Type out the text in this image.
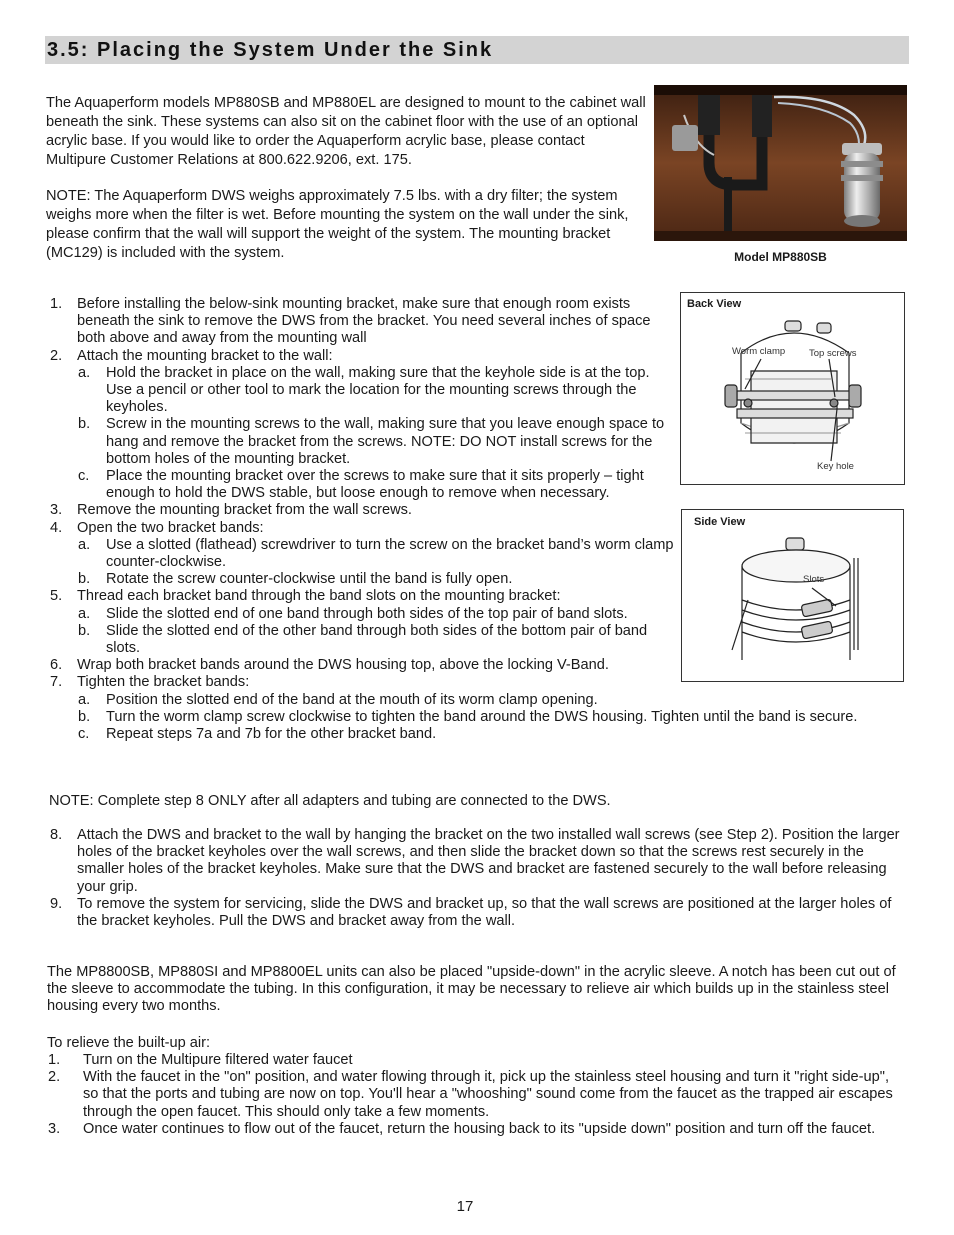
3.5: Placing the System Under the Sink

The Aquaperform models MP880SB and MP880EL are designed to mount to the cabinet wall beneath the sink. These systems can also sit on the cabinet floor with the use of an optional acrylic base. If you would like to order the Aquaperform acrylic base, please contact Multipure Customer Relations at 800.622.9206, ext. 175.

NOTE: The Aquaperform DWS weighs approximately 7.5 lbs. with a dry filter; the system weighs more when the filter is wet. Before mounting the system on the wall under the sink, please confirm that the wall will support the weight of the system. The mounting bracket (MC129) is included with the system.	Model MP880SB
Back View
Worm clamp	Top screws
Key hole
Side View
Slots
1.	Before installing the below-sink mounting bracket, make sure that enough room exists beneath the sink to remove the DWS from the bracket. You need several inches of space both above and away from the mounting wall
2.	Attach the mounting bracket to the wall:
a.	Hold the bracket in place on the wall, making sure that the keyhole side is at the top. Use a pencil or other tool to mark the location for the mounting screws through the keyholes.
b.	Screw in the mounting screws to the wall, making sure that you leave enough space to hang and remove the bracket from the screws. NOTE: DO NOT install screws for the bottom holes of the mounting bracket.
c.	Place the mounting bracket over the screws to make sure that it sits properly – tight enough to hold the DWS stable, but loose enough to remove when necessary.
3.	Remove the mounting bracket from the wall screws.
4.	Open the two bracket bands:
a.	Use a slotted (flathead) screwdriver to turn the screw on the bracket band’s worm clamp counter-clockwise.
b.	Rotate the screw counter-clockwise until the band is fully open.
5.	Thread each bracket band through the band slots on the mounting bracket:
a.	Slide the slotted end of one band through both sides of the top pair of band slots.
b.	Slide the slotted end of the other band through both sides of the bottom pair of band slots.
6.	Wrap both bracket bands around the DWS housing top, above the locking V-Band.
7.	Tighten the bracket bands:
a.	Position the slotted end of the band at the mouth of its worm clamp opening.
b.	Turn the worm clamp screw clockwise to tighten the band around the DWS housing. Tighten until the band is secure.
c.	Repeat steps 7a and 7b for the other bracket band.
NOTE: Complete step 8 ONLY after all adapters and tubing are connected to the DWS.
8.	Attach the DWS and bracket to the wall by hanging the bracket on the two installed wall screws (see Step 2). Position the larger holes of the bracket keyholes over the wall screws, and then slide the bracket down so that the screws rest securely in the smaller holes of the bracket keyholes. Make sure that the DWS and bracket are fastened securely to the wall before releasing your grip.
9.	To remove the system for servicing, slide the DWS and bracket up, so that the wall screws are positioned at the larger holes of the bracket keyholes. Pull the DWS and bracket away from the wall.

The MP8800SB, MP880SI and MP8800EL units can also be placed "upside-down" in the acrylic sleeve. A notch has been cut out of the sleeve to accommodate the tubing. In this configuration, it may be necessary to relieve air which builds up in the stainless steel housing every two months.

To relieve the built-up air:
1.	Turn on the Multipure filtered water faucet
2.	With the faucet in the "on" position, and water flowing through it, pick up the stainless steel housing and turn it "right side-up", so that the ports and tubing are now on top. You'll hear a "whooshing" sound come from the faucet as the trapped air escapes through the open faucet. This should only take a few moments.
3.	Once water continues to flow out of the faucet, return the housing back to its "upside down" position and turn off the faucet.
17
